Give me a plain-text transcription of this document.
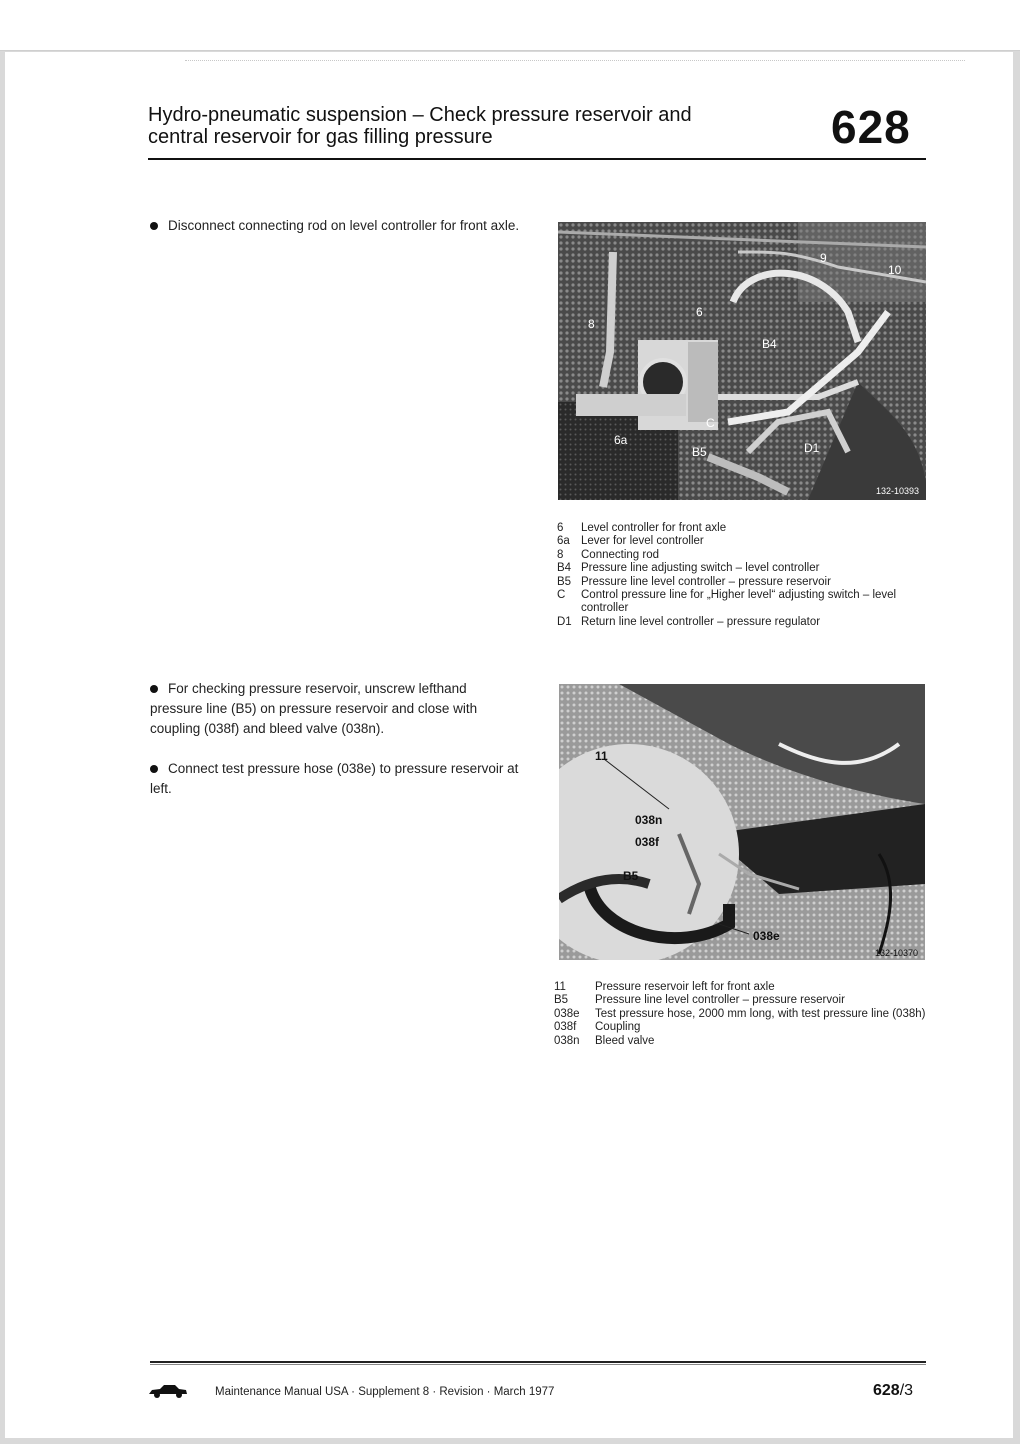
Hydro-pneumatic suspension – Check pressure reservoir and
central reservoir for gas filling pressure	628

Disconnect connecting rod on level controller for front axle.

9
10
8
6
B4
6a
C
B5	D1
132-10393
6	Level controller for front axle
6a	Lever for level controller
8	Connecting rod
B4	Pressure line adjusting switch – level controller
B5	Pressure line level controller – pressure reservoir
C	Control pressure line for „Higher level“ adjusting switch – level controller
D1	Return line level controller – pressure regulator

For checking pressure reservoir, unscrew lefthand pressure line (B5) on pressure reservoir and close with coupling (038f) and bleed valve (038n).

Connect test pressure hose (038e) to pressure reservoir at left.

11
038n
038f
B5
038e
132-10370
11	Pressure reservoir left for front axle
B5	Pressure line level controller – pressure reservoir
038e	Test pressure hose, 2000 mm long, with test pressure line (038h)
038f	Coupling
038n	Bleed valve
Maintenance Manual USA · Supplement 8 · Revision · March 1977	628/3
